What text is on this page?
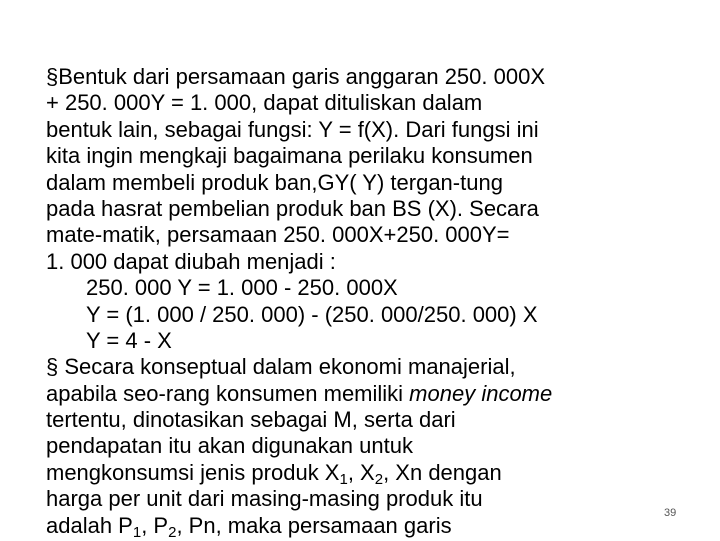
§Bentuk dari persamaan garis anggaran 250. 000X
+ 250. 000Y = 1. 000, dapat dituliskan dalam
bentuk lain, sebagai fungsi: Y = f(X). Dari fungsi ini
kita ingin mengkaji bagaimana perilaku konsumen
dalam membeli produk ban,GY( Y) tergan-tung
pada hasrat pembelian produk ban BS (X). Secara
mate-matik, persamaan 250. 000X+250. 000Y=
1. 000 dapat diubah menjadi :
250. 000 Y = 1. 000 - 250. 000X
Y = (1. 000 / 250. 000) - (250. 000/250. 000) X
Y = 4 - X
§ Secara konseptual dalam ekonomi manajerial,
apabila seo-rang konsumen memiliki money income
tertentu, dinotasikan sebagai M, serta dari
pendapatan itu akan digunakan untuk
mengkonsumsi jenis produk $X_1$, $X_2$, Xn dengan
harga per unit dari masing-masing produk itu
adalah $P_1$, $P_2$, Pn, maka persamaan garis	39
